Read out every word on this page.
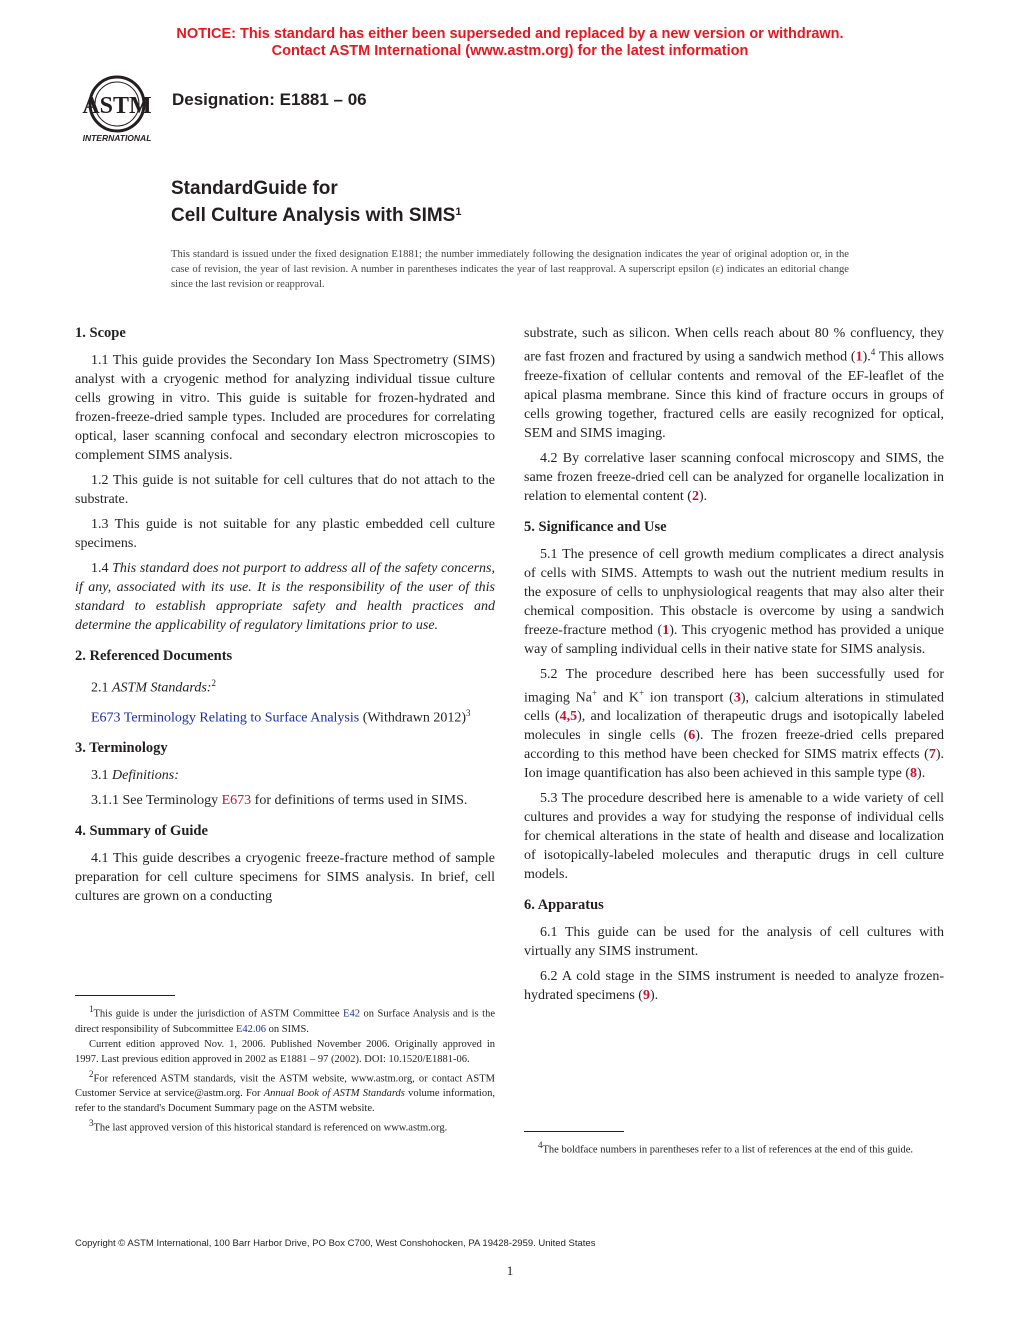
NOTICE: This standard has either been superseded and replaced by a new version or withdrawn.
Contact ASTM International (www.astm.org) for the latest information
ASTM
INTERNATIONAL
Designation: E1881 – 06
StandardGuide for
Cell Culture Analysis with SIMS$^1$
This standard is issued under the fixed designation E1881; the number immediately following the designation indicates the year of original adoption or, in the case of revision, the year of last revision. A number in parentheses indicates the year of last reapproval. A superscript epsilon (ε) indicates an editorial change since the last revision or reapproval.
1. Scope

1.1 This guide provides the Secondary Ion Mass Spectrometry (SIMS) analyst with a cryogenic method for analyzing individual tissue culture cells growing in vitro. This guide is suitable for frozen-hydrated and frozen-freeze-dried sample types. Included are procedures for correlating optical, laser scanning confocal and secondary electron microscopies to complement SIMS analysis.

1.2 This guide is not suitable for cell cultures that do not attach to the substrate.

1.3 This guide is not suitable for any plastic embedded cell culture specimens.

1.4 This standard does not purport to address all of the safety concerns, if any, associated with its use. It is the responsibility of the user of this standard to establish appropriate safety and health practices and determine the applicability of regulatory limitations prior to use.

2. Referenced Documents

2.1 ASTM Standards:$^2$

E673 Terminology Relating to Surface Analysis (Withdrawn 2012)$^3$

3. Terminology

3.1 Definitions:

3.1.1 See Terminology E673 for definitions of terms used in SIMS.

4. Summary of Guide

4.1 This guide describes a cryogenic freeze-fracture method of sample preparation for cell culture specimens for SIMS analysis. In brief, cell cultures are grown on a conducting

$^1$This guide is under the jurisdiction of ASTM Committee E42 on Surface Analysis and is the direct responsibility of Subcommittee E42.06 on SIMS.

Current edition approved Nov. 1, 2006. Published November 2006. Originally approved in 1997. Last previous edition approved in 2002 as E1881 – 97 (2002). DOI: 10.1520/E1881-06.

$^2$For referenced ASTM standards, visit the ASTM website, www.astm.org, or contact ASTM Customer Service at service@astm.org. For Annual Book of ASTM Standards volume information, refer to the standard's Document Summary page on the ASTM website.

$^3$The last approved version of this historical standard is referenced on www.astm.org.

substrate, such as silicon. When cells reach about 80 % confluency, they are fast frozen and fractured by using a sandwich method (1).$^4$ This allows freeze-fixation of cellular contents and removal of the EF-leaflet of the apical plasma membrane. Since this kind of fracture occurs in groups of cells growing together, fractured cells are easily recognized for optical, SEM and SIMS imaging.

4.2 By correlative laser scanning confocal microscopy and SIMS, the same frozen freeze-dried cell can be analyzed for organelle localization in relation to elemental content (2).

5. Significance and Use

5.1 The presence of cell growth medium complicates a direct analysis of cells with SIMS. Attempts to wash out the nutrient medium results in the exposure of cells to unphysiological reagents that may also alter their chemical composition. This obstacle is overcome by using a sandwich freeze-fracture method (1). This cryogenic method has provided a unique way of sampling individual cells in their native state for SIMS analysis.

5.2 The procedure described here has been successfully used for imaging Na+ and K+ ion transport (3), calcium alterations in stimulated cells (4,5), and localization of therapeutic drugs and isotopically labeled molecules in single cells (6). The frozen freeze-dried cells prepared according to this method have been checked for SIMS matrix effects (7). Ion image quantification has also been achieved in this sample type (8).

5.3 The procedure described here is amenable to a wide variety of cell cultures and provides a way for studying the response of individual cells for chemical alterations in the state of health and disease and localization of isotopically-labeled molecules and theraputic drugs in cell culture models.

6. Apparatus

6.1 This guide can be used for the analysis of cell cultures with virtually any SIMS instrument.

6.2 A cold stage in the SIMS instrument is needed to analyze frozen-hydrated specimens (9).

$^4$The boldface numbers in parentheses refer to a list of references at the end of this guide.

Copyright © ASTM International, 100 Barr Harbor Drive, PO Box C700, West Conshohocken, PA 19428-2959. United States
1
